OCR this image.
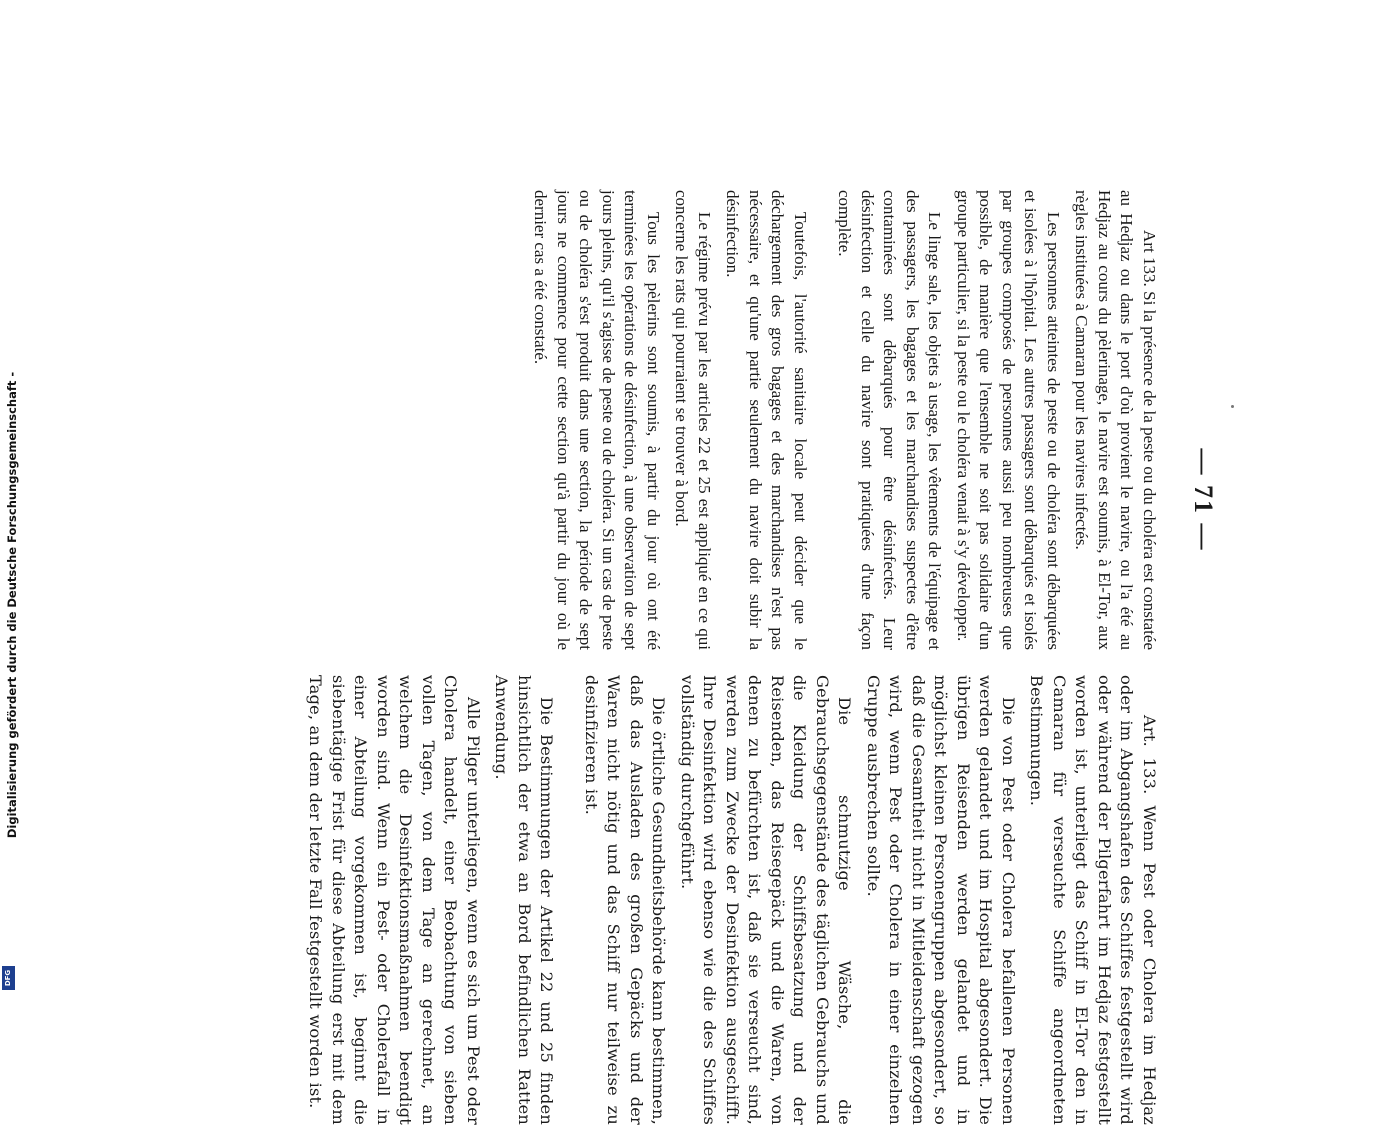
Digitalisierung gefördert durch die Deutsche Forschungsgemeinschaft -
DFG
— 71 —

Art 133. Si la présence de la peste ou du choléra est constatée au Hedjaz ou dans le port d'où provient le navire, ou l'a été au Hedjaz au cours du pèlerinage, le navire est soumis, à El-Tor, aux règles instituées à Camaran pour les navires infectés.

Les personnes atteintes de peste ou de choléra sont débarquées et isolées à l'hôpital. Les autres passagers sont débarqués et isolés par groupes composés de personnes aussi peu nombreuses que possible, de manière que l'ensemble ne soit pas solidaire d'un groupe particulier, si la peste ou le choléra venait à s'y développer.

Le linge sale, les objets à usage, les vêtements de l'équipage et des passagers, les bagages et les marchandises suspectes d'être contaminées sont débarqués pour être désinfectés. Leur désinfection et celle du navire sont pratiquées d'une façon complète.

Toutefois, l'autorité sanitaire locale peut décider que le déchargement des gros bagages et des marchandises n'est pas nécessaire, et qu'une partie seulement du navire doit subir la désinfection.

Le régime prévu par les articles 22 et 25 est appliqué en ce qui concerne les rats qui pourraient se trouver à bord.

Tous les pèlerins sont soumis, à partir du jour où ont été terminées les opérations de désinfection, à une observation de sept jours pleins, qu'il s'agisse de peste ou de choléra. Si un cas de peste ou de choléra s'est produit dans une section, la période de sept jours ne commence pour cette section qu'à partir du jour où le dernier cas a été constaté.

Art. 133. Wenn Pest oder Cholera im Hedjaz oder im Abgangshafen des Schiffes festgestellt wird oder während der Pilgerfahrt im Hedjaz festgestellt worden ist, unterliegt das Schiff in El-Tor den in Camaran für verseuchte Schiffe angeordneten Bestimmungen.

Die von Pest oder Cholera befallenen Personen werden gelandet und im Hospital abgesondert. Die übrigen Reisenden werden gelandet und in möglichst kleinen Personengruppen abgesondert, so daß die Gesamtheit nicht in Mitleidenschaft gezogen wird, wenn Pest oder Cholera in einer einzelnen Gruppe ausbrechen sollte.

Die schmutzige Wäsche, die Gebrauchsgegenstände des täglichen Gebrauchs und die Kleidung der Schiffsbesatzung und der Reisenden, das Reisegepäck und die Waren, von denen zu befürchten ist, daß sie verseucht sind, werden zum Zwecke der Desinfektion ausgeschifft. Ihre Desinfektion wird ebenso wie die des Schiffes vollständig durchgeführt.

Die örtliche Gesundheitsbehörde kann bestimmen, daß das Ausladen des großen Gepäcks und der Waren nicht nötig und das Schiff nur teilweise zu desinfizieren ist.

Die Bestimmungen der Artikel 22 und 25 finden hinsichtlich der etwa an Bord befindlichen Ratten Anwendung.

Alle Pilger unterliegen, wenn es sich um Pest oder Cholera handelt, einer Beobachtung von sieben vollen Tagen, von dem Tage an gerechnet, an welchem die Desinfektionsmaßnahmen beendigt worden sind. Wenn ein Pest- oder Cholerafall in einer Abteilung vorgekommen ist, beginnt die siebentägige Frist für diese Abteilung erst mit dem Tage, an dem der letzte Fall festgestellt worden ist.
